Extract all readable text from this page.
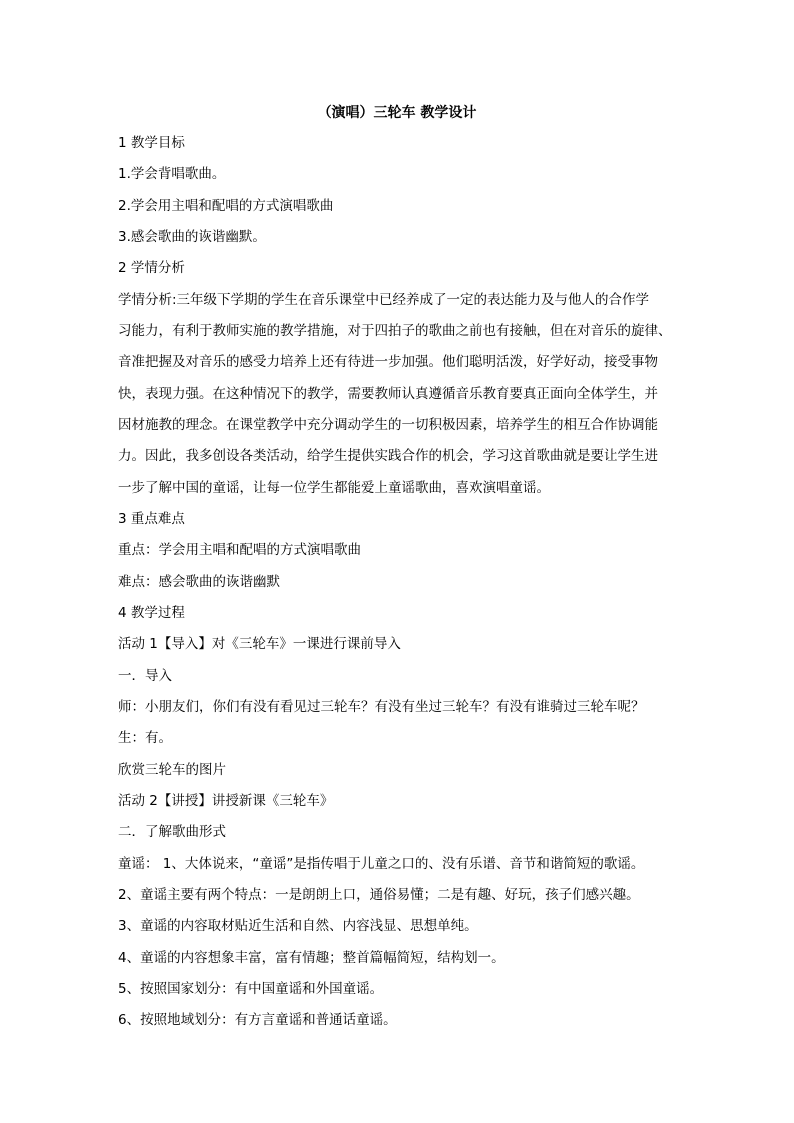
（演唱）三轮车 教学设计
1 教学目标
1.学会背唱歌曲。
2.学会用主唱和配唱的方式演唱歌曲
3.感会歌曲的诙谐幽默。
2 学情分析
学情分析:三年级下学期的学生在音乐课堂中已经养成了一定的表达能力及与他人的合作学
习能力，有利于教师实施的教学措施，对于四拍子的歌曲之前也有接触，但在对音乐的旋律、
音准把握及对音乐的感受力培养上还有待进一步加强。他们聪明活泼，好学好动，接受事物
快，表现力强。在这种情况下的教学，需要教师认真遵循音乐教育要真正面向全体学生，并
因材施教的理念。在课堂教学中充分调动学生的一切积极因素，培养学生的相互合作协调能
力。因此，我多创设各类活动，给学生提供实践合作的机会，学习这首歌曲就是要让学生进
一步了解中国的童谣，让每一位学生都能爱上童谣歌曲，喜欢演唱童谣。
3 重点难点
重点：学会用主唱和配唱的方式演唱歌曲
难点：感会歌曲的诙谐幽默
4 教学过程
活动 1【导入】对《三轮车》一课进行课前导入
一．导入
师：小朋友们，你们有没有看见过三轮车？有没有坐过三轮车？有没有谁骑过三轮车呢？
生：有。
欣赏三轮车的图片
活动 2【讲授】讲授新课《三轮车》
二．了解歌曲形式
童谣： 1、大体说来，“童谣”是指传唱于儿童之口的、没有乐谱、音节和谐简短的歌谣。
2、童谣主要有两个特点：一是朗朗上口，通俗易懂；二是有趣、好玩，孩子们感兴趣。
3、童谣的内容取材贴近生活和自然、内容浅显、思想单纯。
4、童谣的内容想象丰富，富有情趣；整首篇幅简短，结构划一。
5、按照国家划分：有中国童谣和外国童谣。
6、按照地域划分：有方言童谣和普通话童谣。
